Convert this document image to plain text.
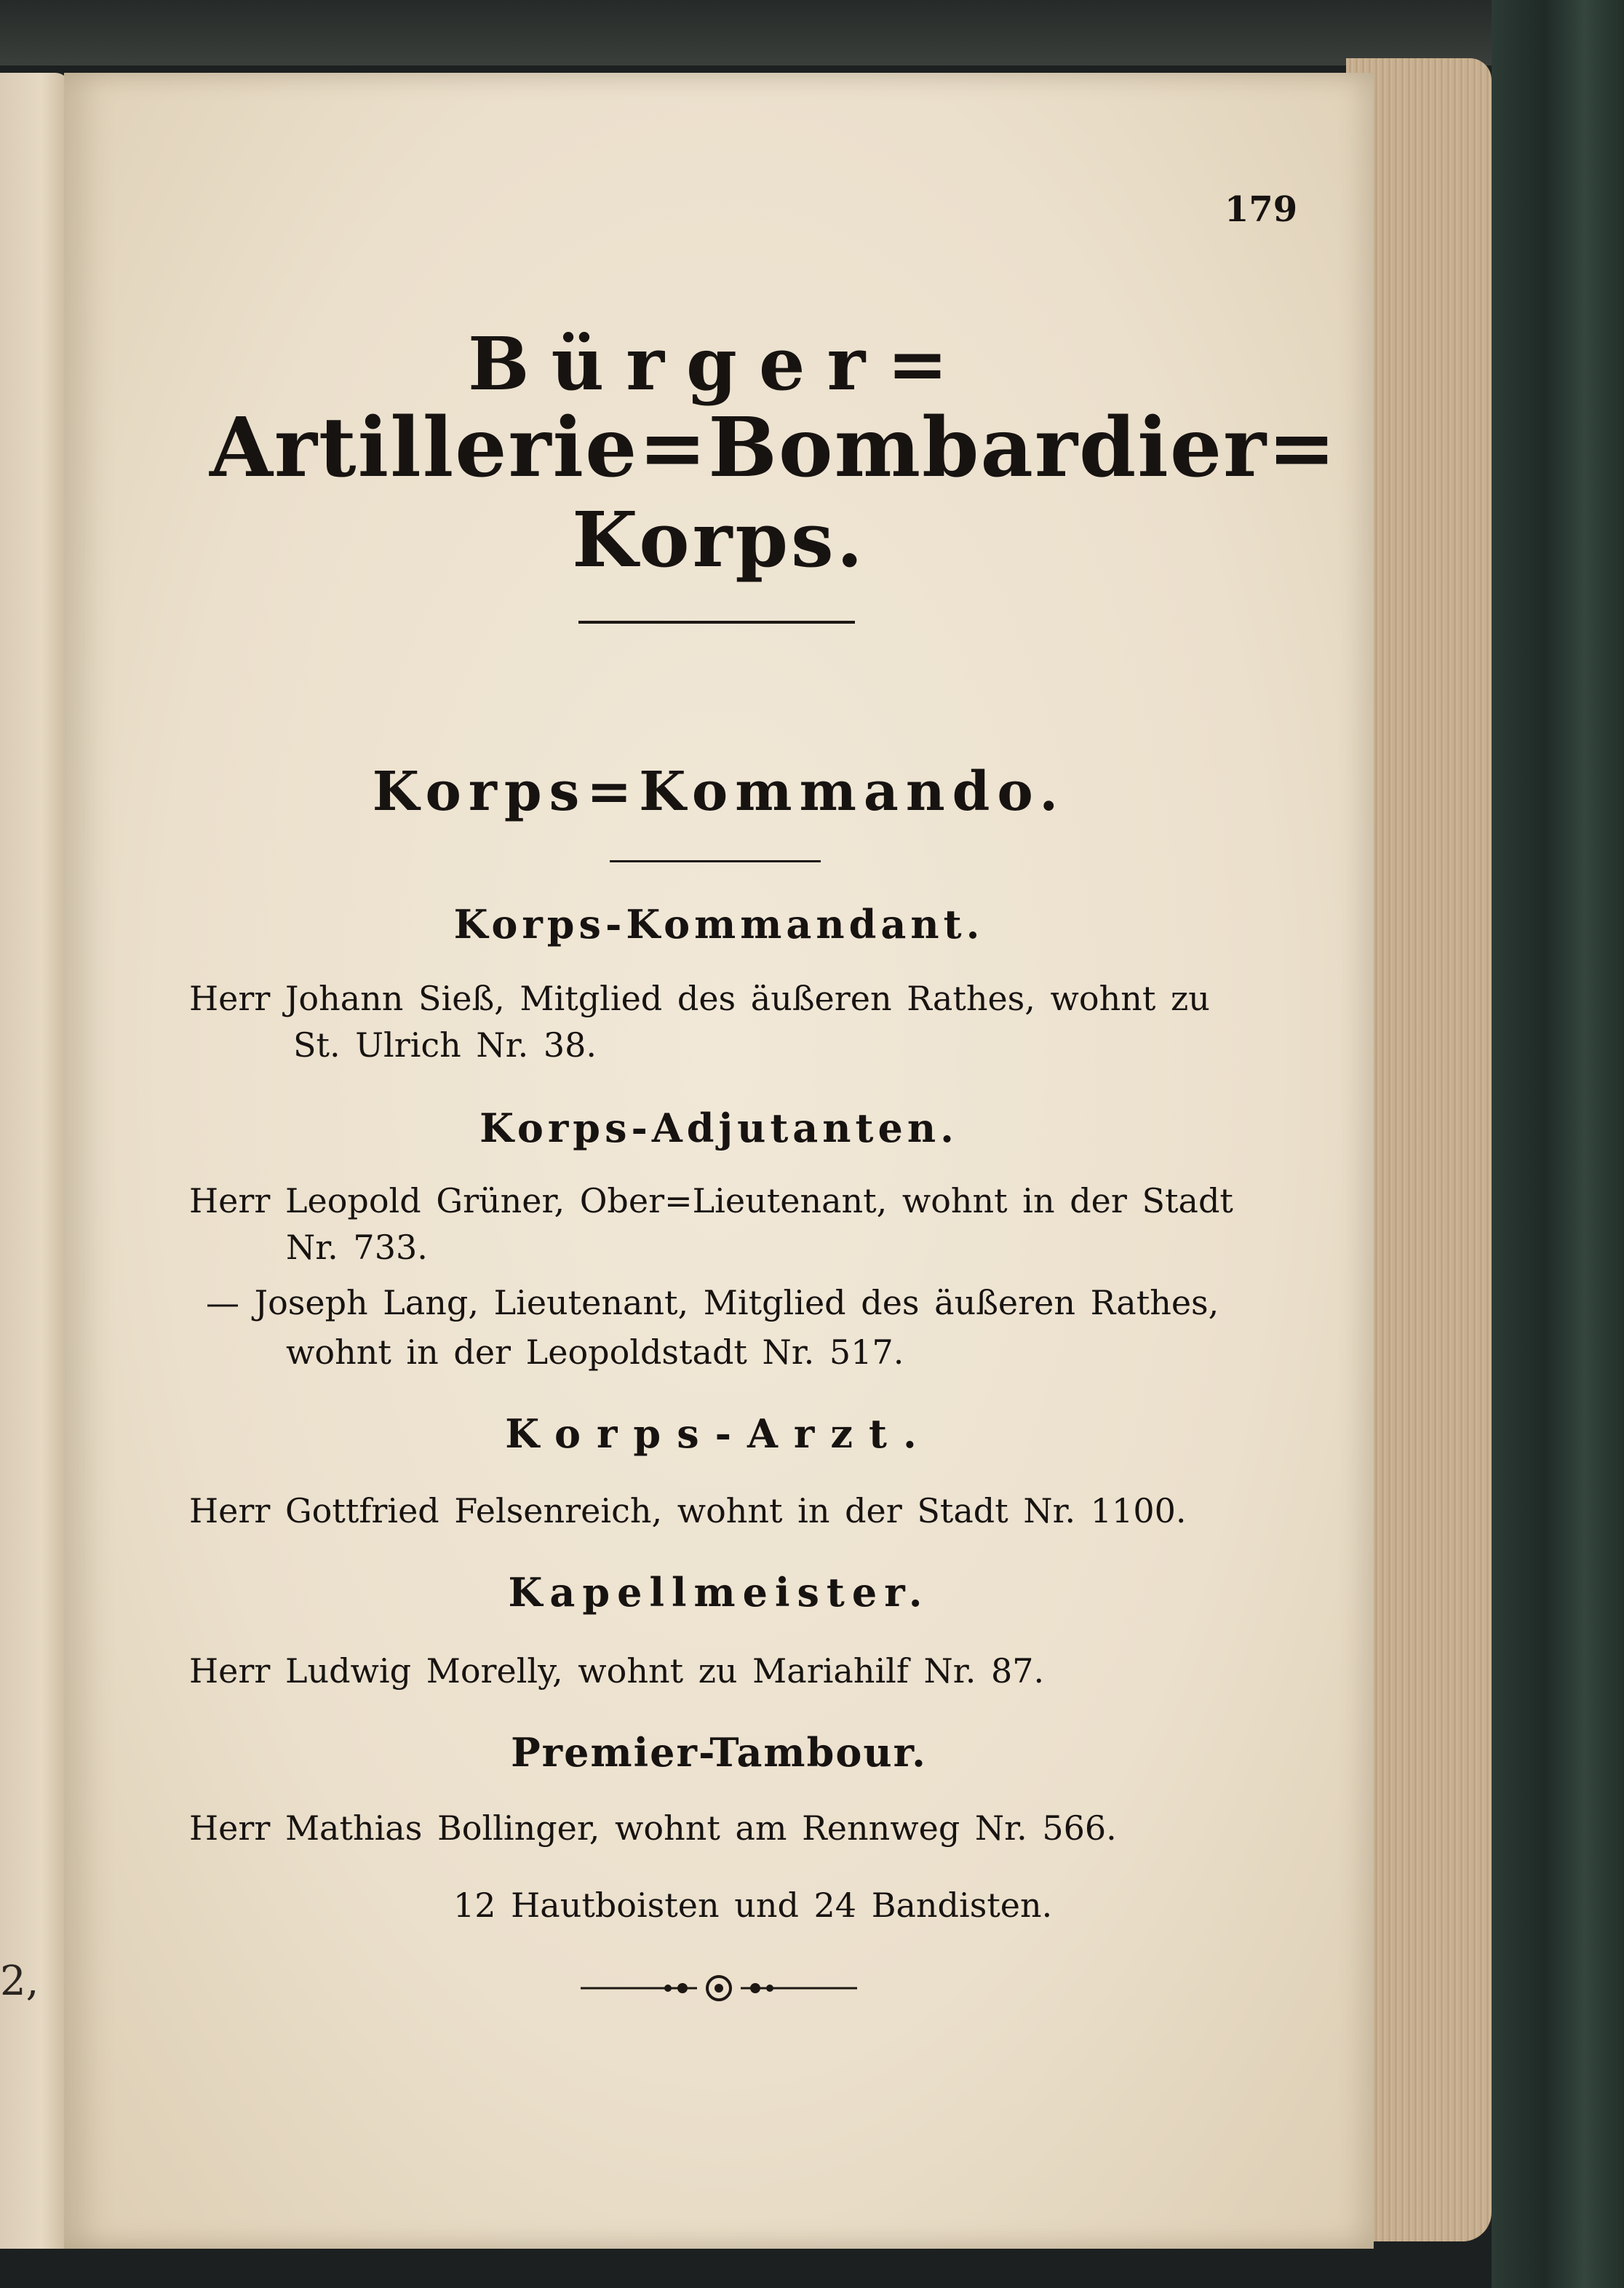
2,
179
Bürger=
Artillerie=Bombardier=
Korps.
Korps=Kommando.
Korps-Kommandant.
Herr Johann Sieß, Mitglied des äußeren Rathes, wohnt zu
St. Ulrich Nr. 38.
Korps-Adjutanten.
Herr Leopold Grüner, Ober=Lieutenant, wohnt in der Stadt
Nr. 733.
— Joseph Lang, Lieutenant, Mitglied des äußeren Rathes,
wohnt in der Leopoldstadt Nr. 517.
Korps-Arzt.
Herr Gottfried Felsenreich, wohnt in der Stadt Nr. 1100.
Kapellmeister.
Herr Ludwig Morelly, wohnt zu Mariahilf Nr. 87.
Premier-Tambour.
Herr Mathias Bollinger, wohnt am Rennweg Nr. 566.
12 Hautboisten und 24 Bandisten.
